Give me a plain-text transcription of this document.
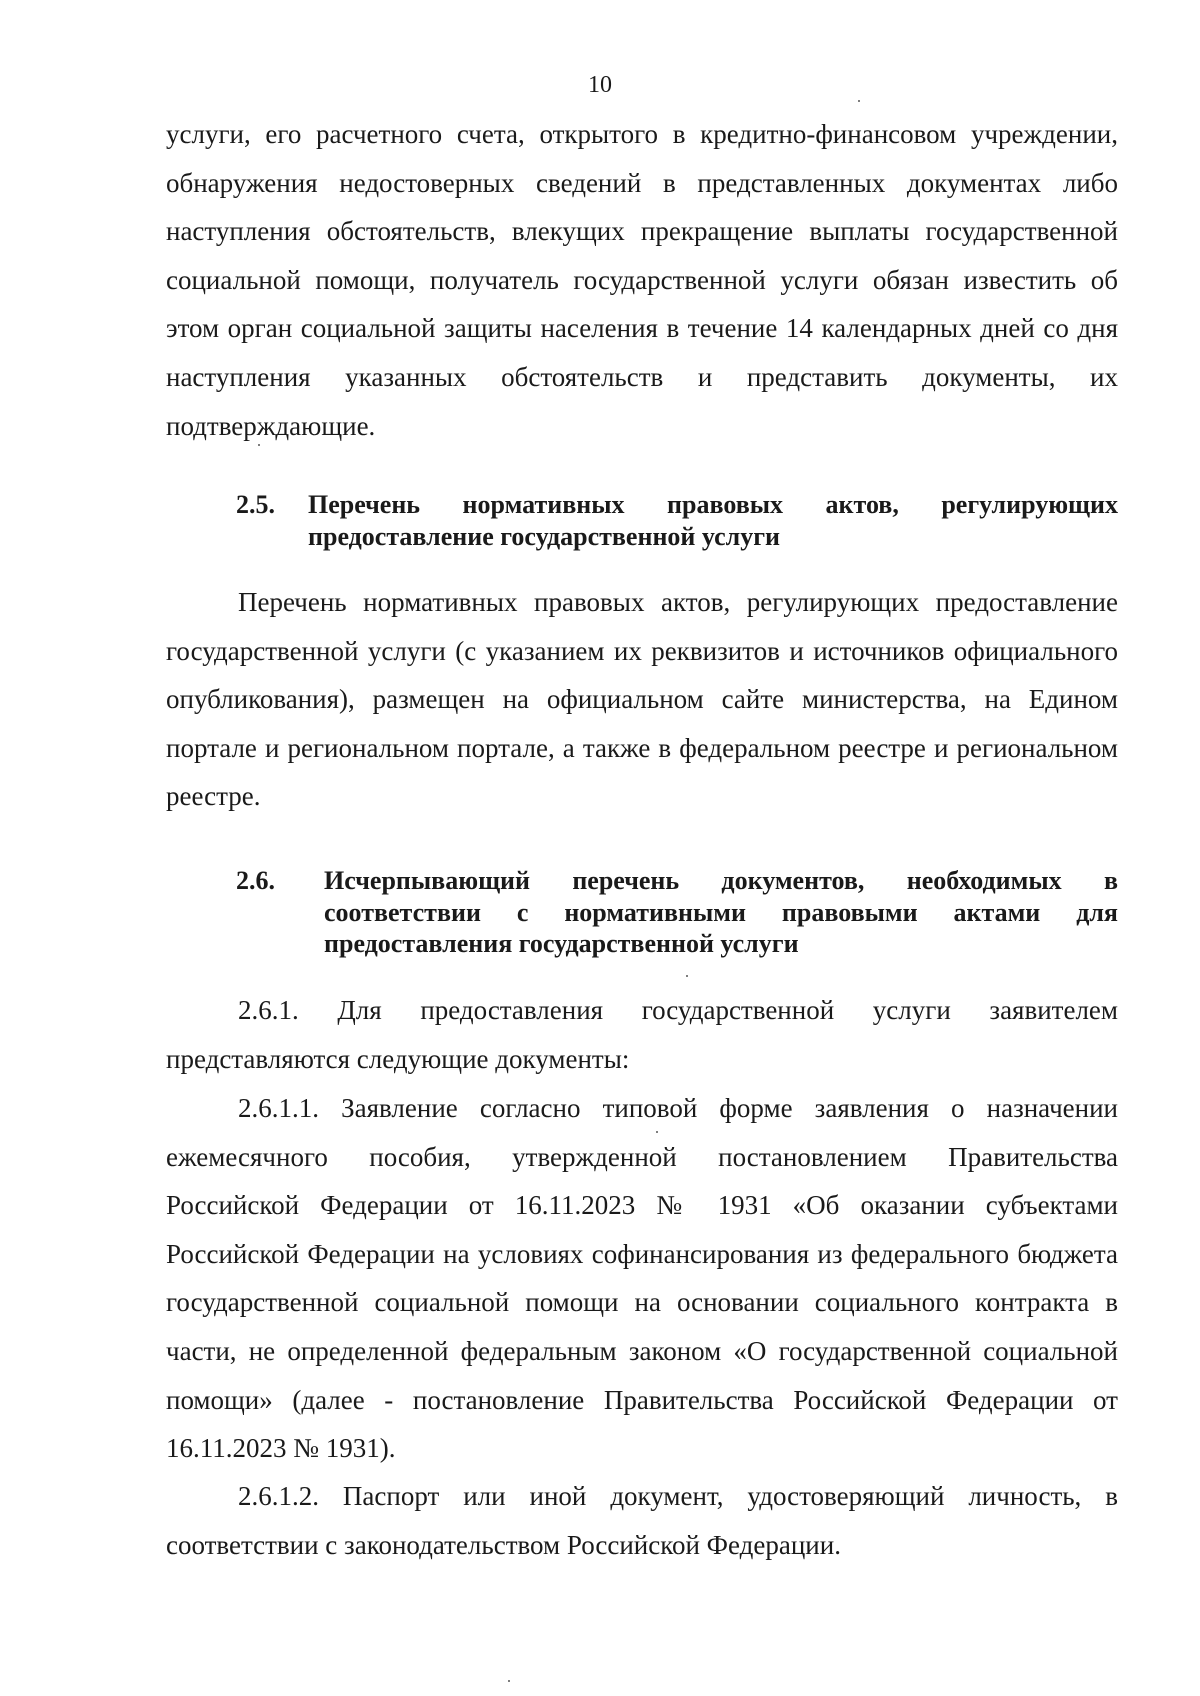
10

услуги, его расчетного счета, открытого в кредитно-финансовом учреждении, обнаружения недостоверных сведений в представленных документах либо наступления обстоятельств, влекущих прекращение выплаты государственной социальной помощи, получатель государственной услуги обязан известить об этом орган социальной защиты населения в течение 14 календарных дней со дня наступления указанных обстоятельств и представить документы, их подтверждающие.

2.5. Перечень нормативных правовых актов, регулирующих предоставление государственной услуги

Перечень нормативных правовых актов, регулирующих предоставление государственной услуги (с указанием их реквизитов и источников официального опубликования), размещен на официальном сайте министерства, на Едином портале и региональном портале, а также в федеральном реестре и региональном реестре.

2.6. Исчерпывающий перечень документов, необходимых в соответствии с нормативными правовыми актами для предоставления государственной услуги

2.6.1. Для предоставления государственной услуги заявителем представляются следующие документы:

2.6.1.1. Заявление согласно типовой форме заявления о назначении ежемесячного пособия, утвержденной постановлением Правительства Российской Федерации от 16.11.2023 № 1931 «Об оказании субъектами Российской Федерации на условиях софинансирования из федерального бюджета государственной социальной помощи на основании социального контракта в части, не определенной федеральным законом «О государственной социальной помощи» (далее - постановление Правительства Российской Федерации от 16.11.2023 № 1931).

2.6.1.2. Паспорт или иной документ, удостоверяющий личность, в соответствии с законодательством Российской Федерации.
